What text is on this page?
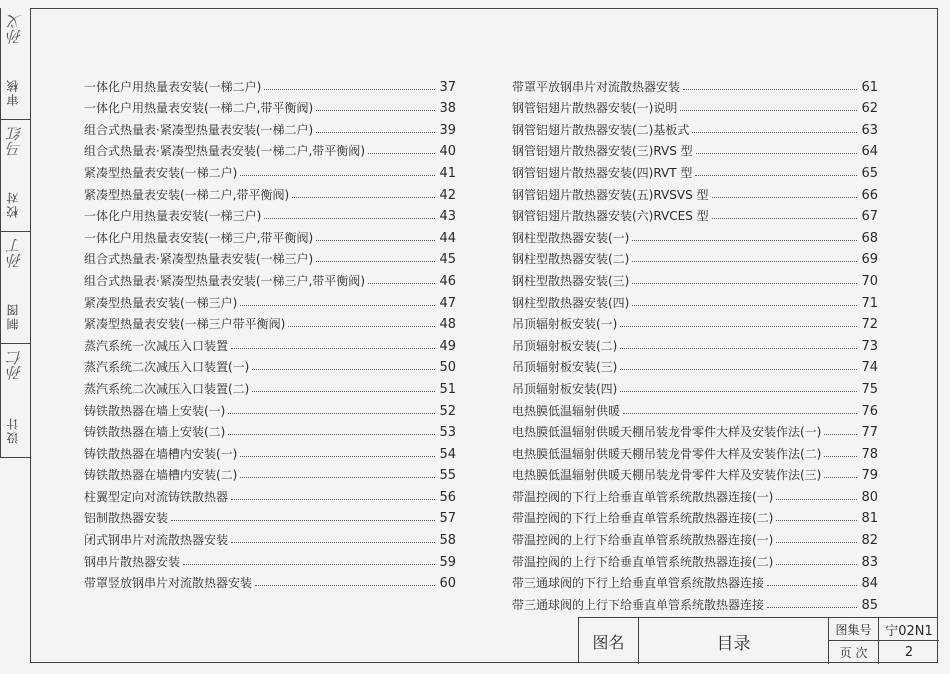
孙义
审核
马红
校对
孙丁
制图
孙仁
设计
一体化户用热量表安装(一梯二户)	37
一体化户用热量表安装(一梯二户,带平衡阀)	38
组合式热量表·紧凑型热量表安装(一梯二户)	39
组合式热量表·紧凑型热量表安装(一梯二户,带平衡阀)	40
紧凑型热量表安装(一梯二户)	41
紧凑型热量表安装(一梯二户,带平衡阀)	42
一体化户用热量表安装(一梯三户)	43
一体化户用热量表安装(一梯三户,带平衡阀)	44
组合式热量表·紧凑型热量表安装(一梯三户)	45
组合式热量表·紧凑型热量表安装(一梯三户,带平衡阀)	46
紧凑型热量表安装(一梯三户)	47
紧凑型热量表安装(一梯三户带平衡阀)	48
蒸汽系统一次减压入口装置	49
蒸汽系统二次减压入口装置(一)	50
蒸汽系统二次减压入口装置(二)	51
铸铁散热器在墙上安装(一)	52
铸铁散热器在墙上安装(二)	53
铸铁散热器在墙槽内安装(一)	54
铸铁散热器在墙槽内安装(二)	55
柱翼型定向对流铸铁散热器	56
铝制散热器安装	57
闭式钢串片对流散热器安装	58
钢串片散热器安装	59
带罩竖放钢串片对流散热器安装	60
带罩平放钢串片对流散热器安装	61
钢管铝翅片散热器安装(一)说明	62
钢管铝翅片散热器安装(二)基板式	63
钢管铝翅片散热器安装(三)RVS 型	64
钢管铝翅片散热器安装(四)RVT 型	65
钢管铝翅片散热器安装(五)RVSVS 型	66
钢管铝翅片散热器安装(六)RVCES 型	67
钢柱型散热器安装(一)	68
钢柱型散热器安装(二)	69
钢柱型散热器安装(三)	70
钢柱型散热器安装(四)	71
吊顶辐射板安装(一)	72
吊顶辐射板安装(二)	73
吊顶辐射板安装(三)	74
吊顶辐射板安装(四)	75
电热膜低温辐射供暖	76
电热膜低温辐射供暖天棚吊装龙骨零件大样及安装作法(一)	77
电热膜低温辐射供暖天棚吊装龙骨零件大样及安装作法(二)	78
电热膜低温辐射供暖天棚吊装龙骨零件大样及安装作法(三)	79
带温控阀的下行上给垂直单管系统散热器连接(一)	80
带温控阀的下行上给垂直单管系统散热器连接(二)	81
带温控阀的上行下给垂直单管系统散热器连接(一)	82
带温控阀的上行下给垂直单管系统散热器连接(二)	83
带三通球阀的下行上给垂直单管系统散热器连接	84
带三通球阀的上行下给垂直单管系统散热器连接	85
图名	目录
图集号 宁02N1
页 次	2
